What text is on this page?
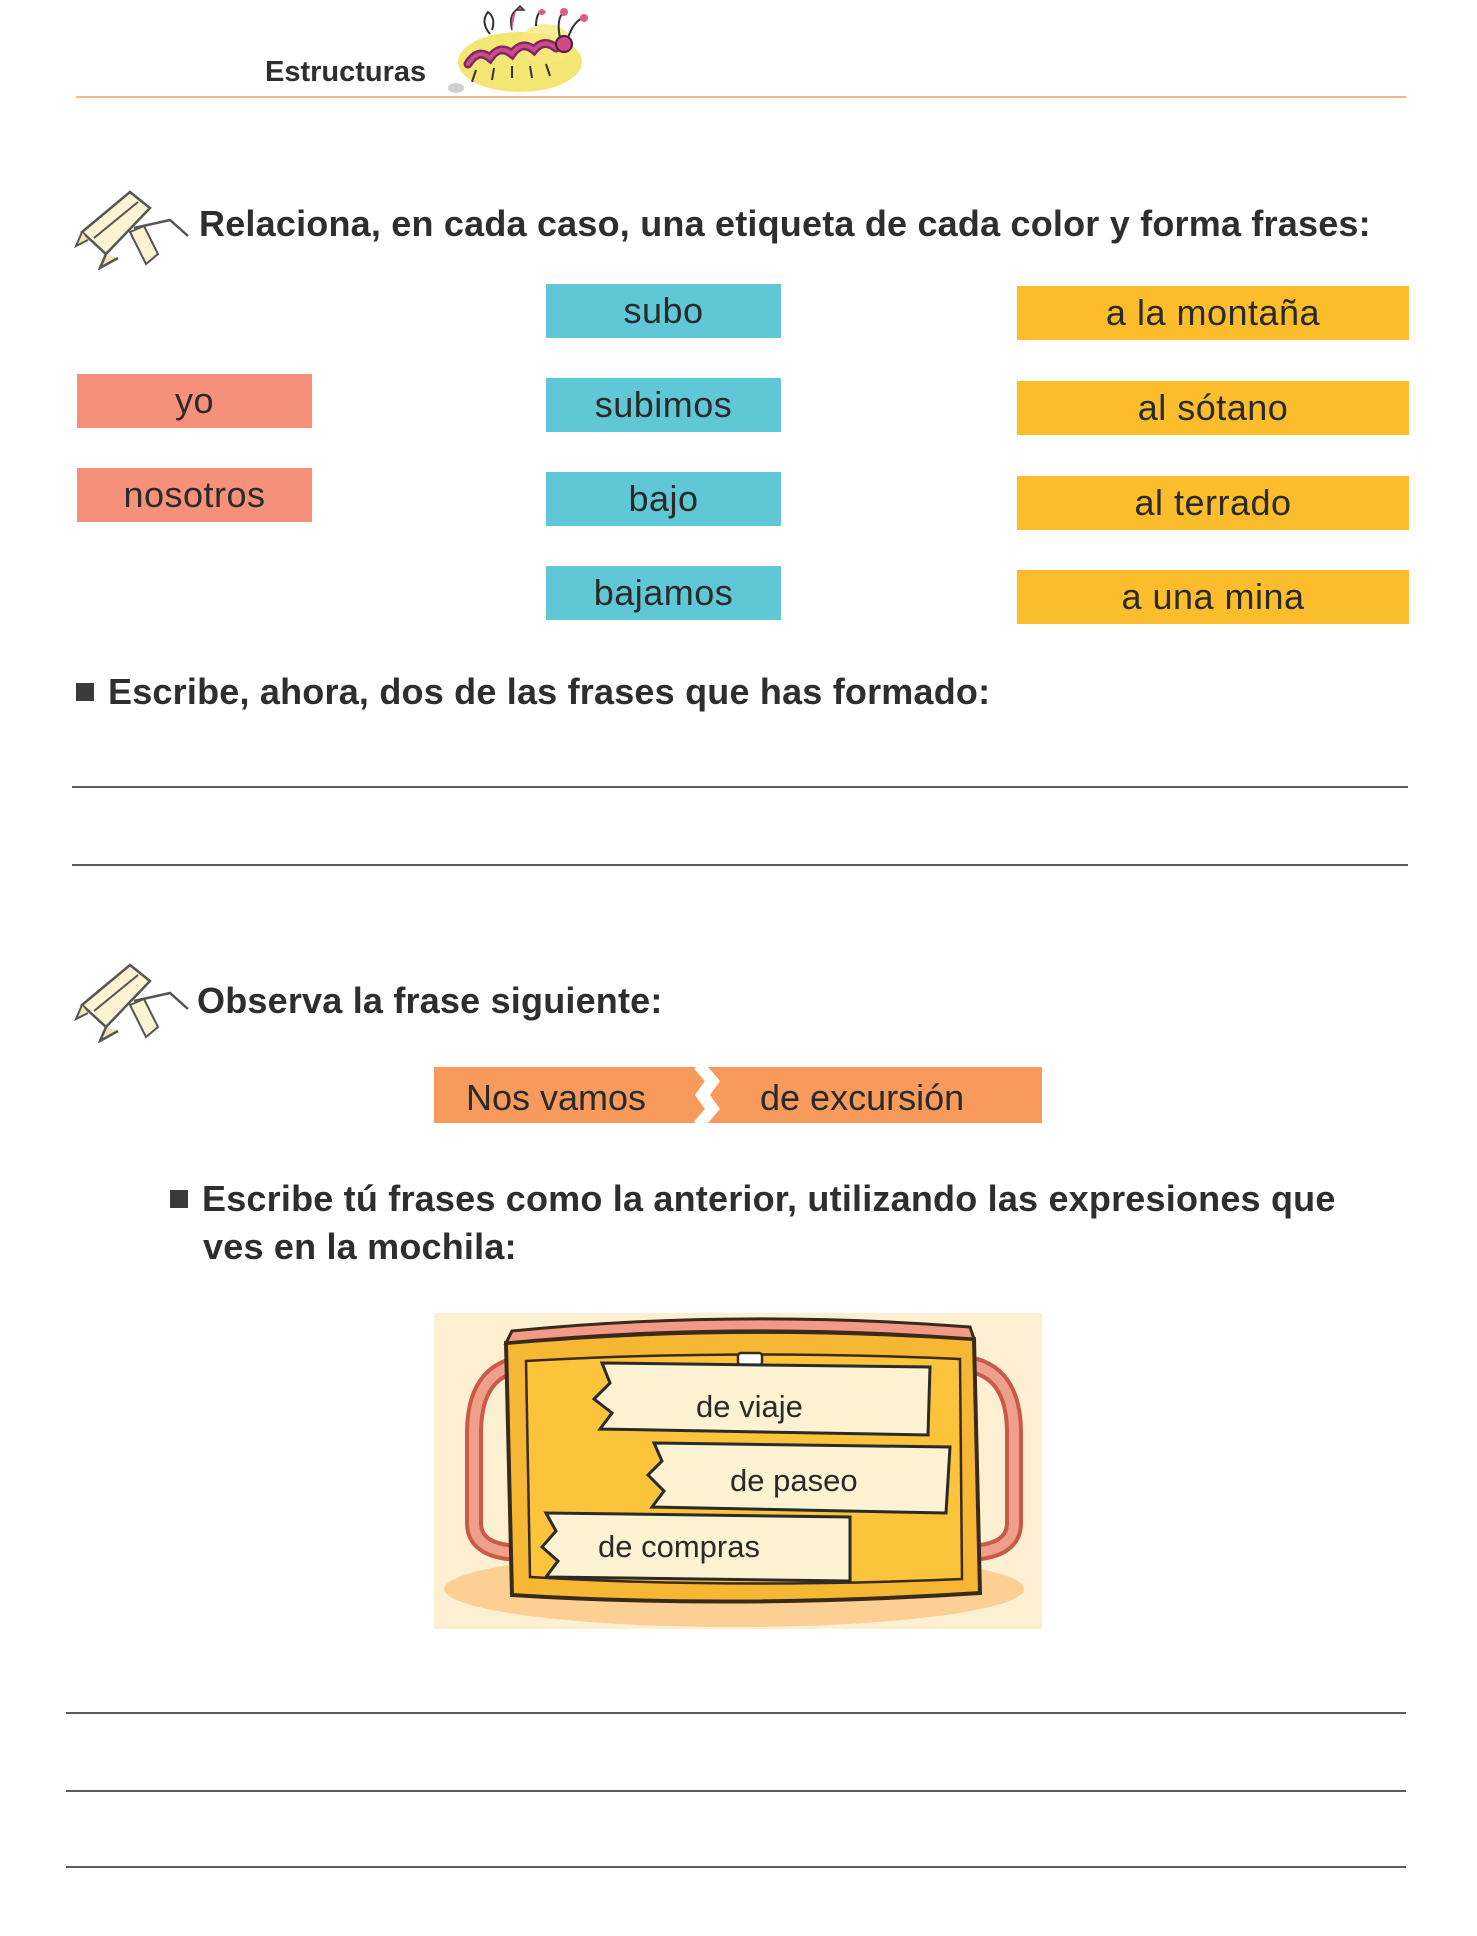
Estructuras
Relaciona, en cada caso, una etiqueta de cada color y forma frases:
subo
subimos
bajo
bajamos
yo
nosotros
a la montaña
al sótano
al terrado
a una mina
Escribe, ahora, dos de las frases que has formado:
Observa la frase siguiente:
Nos vamos	de excursión
Escribe tú frases como la anterior, utilizando las expresiones que
ves en la mochila:
de viaje
de paseo
de compras
